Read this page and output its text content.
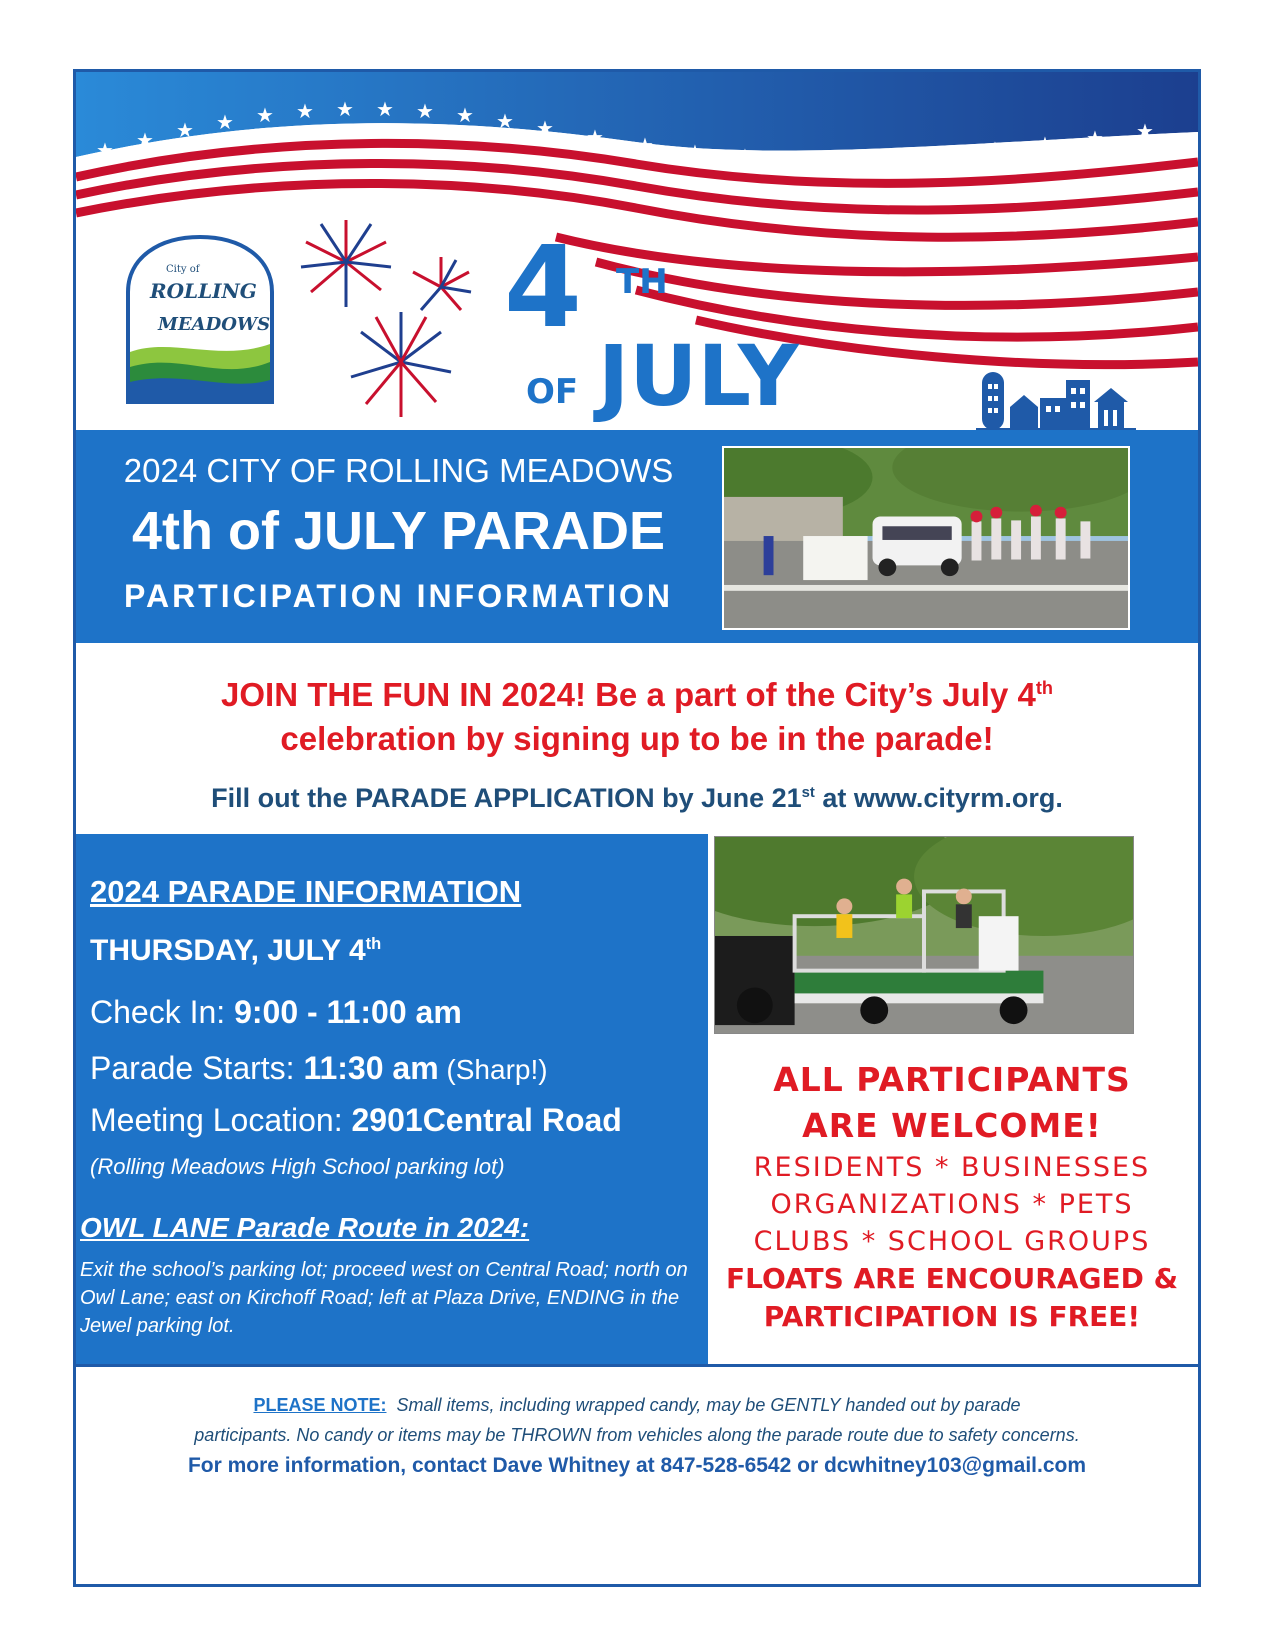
★ ★ ★ ★ ★ ★ ★ ★ ★ ★ ★ ★ ★ ★ ★ ★ ★ ★ ★ ★ ★ ★ ★ ★
City of
ROLLING
MEADOWS 4 TH
OF JULY
2024 CITY OF ROLLING MEADOWS
4th of JULY PARADE
PARTICIPATION INFORMATION
JOIN THE FUN IN 2024! Be a part of the City’s July 4th
celebration by signing up to be in the parade!
Fill out the PARADE APPLICATION by June 21st at www.cityrm.org.
2024 PARADE INFORMATION
THURSDAY, JULY 4th
Check In: 9:00 - 11:00 am
Parade Starts: 11:30 am (Sharp!)
Meeting Location: 2901Central Road
(Rolling Meadows High School parking lot)
OWL LANE Parade Route in 2024:
Exit the school’s parking lot; proceed west on Central Road; north on Owl Lane; east on Kirchoff Road; left at Plaza Drive, ENDING in the Jewel parking lot.
ALL PARTICIPANTS
ARE WELCOME!
RESIDENTS * BUSINESSES
ORGANIZATIONS * PETS
CLUBS * SCHOOL GROUPS
FLOATS ARE ENCOURAGED &
PARTICIPATION IS FREE!
PLEASE NOTE: Small items, including wrapped candy, may be GENTLY handed out by parade
participants. No candy or items may be THROWN from vehicles along the parade route due to safety concerns.
For more information, contact Dave Whitney at 847-528-6542 or dcwhitney103@gmail.com
